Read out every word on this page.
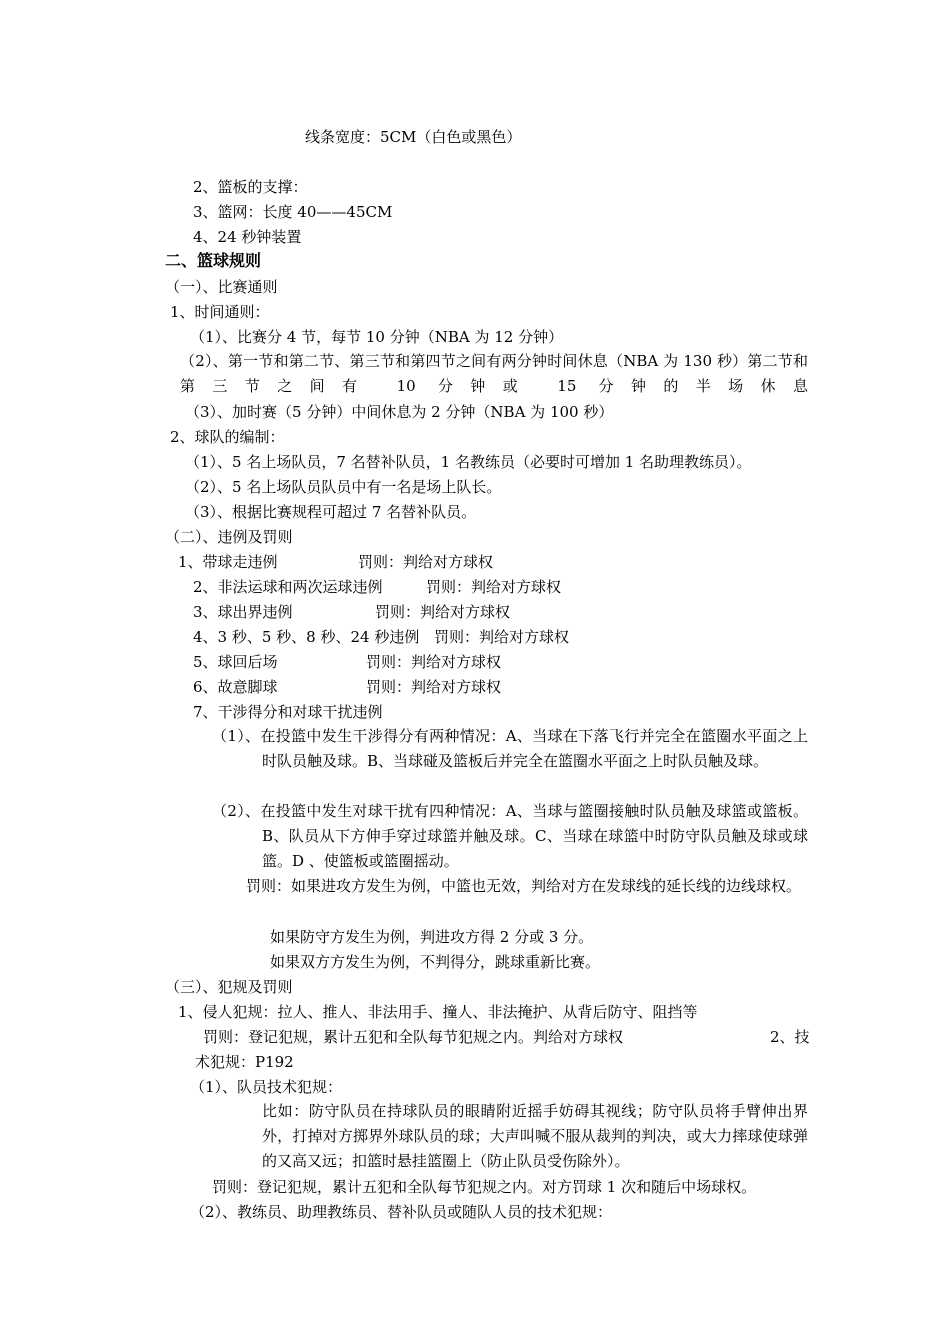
线条宽度：5CM（白色或黑色）
2、篮板的支撑：
3、篮网：长度 40——45CM
4、24 秒钟装置
二、篮球规则
（一）、比赛通则
1、时间通则：
（1）、比赛分 4 节，每节 10 分钟（NBA 为 12 分钟）
（2）、第一节和第二节、第三节和第四节之间有两分钟时间休息（NBA 为 130 秒）第二节和第三节之间有 10 分钟或 15 分钟的半场休息
（3）、加时赛（5 分钟）中间休息为 2 分钟（NBA 为 100 秒）
2、球队的编制：
（1）、5 名上场队员，7 名替补队员，1 名教练员（必要时可增加 1 名助理教练员）。
（2）、5 名上场队员队员中有一名是场上队长。
（3）、根据比赛规程可超过 7 名替补队员。
（二）、违例及罚则
1、带球走违例	罚则：判给对方球权
2、非法运球和两次运球违例	罚则：判给对方球权
3、球出界违例	罚则：判给对方球权
4、3 秒、5 秒、8 秒、24 秒违例 罚则：判给对方球权
5、球回后场	罚则：判给对方球权
6、故意脚球	罚则：判给对方球权
7、干涉得分和对球干扰违例
（1）、在投篮中发生干涉得分有两种情况：A、当球在下落飞行并完全在篮圈水平面之上时队员触及球。B、当球碰及篮板后并完全在篮圈水平面之上时队员触及球。
（2）、在投篮中发生对球干扰有四种情况：A、当球与篮圈接触时队员触及球篮或篮板。B、队员从下方伸手穿过球篮并触及球。C、当球在球篮中时防守队员触及球或球篮。D 、使篮板或篮圈摇动。
罚则：如果进攻方发生为例，中篮也无效，判给对方在发球线的延长线的边线球权。
如果防守方发生为例，判进攻方得 2 分或 3 分。
如果双方方发生为例，不判得分，跳球重新比赛。
（三）、犯规及罚则
1、侵人犯规：拉人、推人、非法用手、撞人、非法掩护、从背后防守、阻挡等
罚则：登记犯规，累计五犯和全队每节犯规之内。判给对方球权	2、技
术犯规：P192
（1）、队员技术犯规：
比如：防守队员在持球队员的眼睛附近摇手妨碍其视线；防守队员将手臂伸出界外，打掉对方掷界外球队员的球；大声叫喊不服从裁判的判决，或大力摔球使球弹的又高又远；扣篮时悬挂篮圈上（防止队员受伤除外）。
罚则：登记犯规，累计五犯和全队每节犯规之内。对方罚球 1 次和随后中场球权。
（2）、教练员、助理教练员、替补队员或随队人员的技术犯规：
